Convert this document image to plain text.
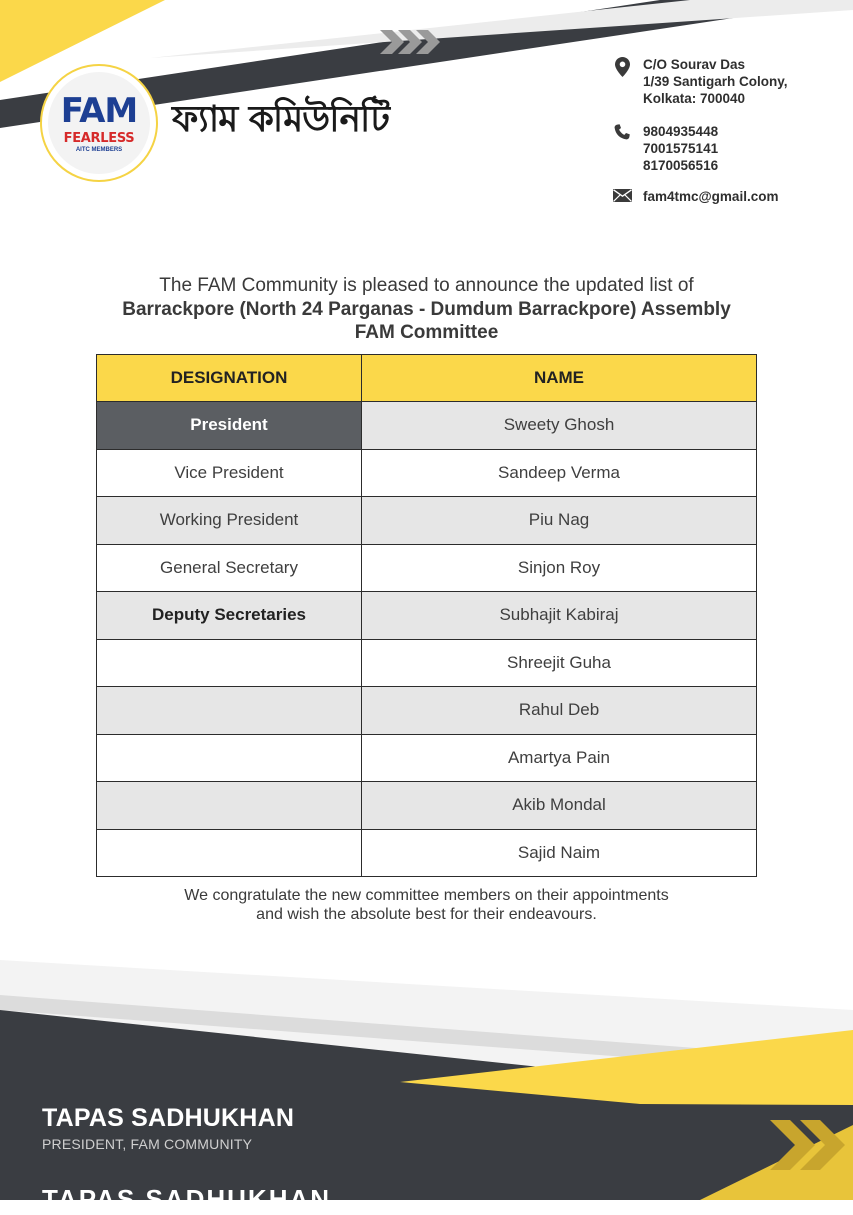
FAM
FEARLESS
AITC MEMBERS
ফ্যাম কমিউনিটি
C/O Sourav Das
1/39 Santigarh Colony,
Kolkata: 700040
9804935448
7001575141
8170056516
fam4tmc@gmail.com
The FAM Community is pleased to announce the updated list of
Barrackpore (North 24 Parganas - Dumdum Barrackpore) Assembly
FAM Committee
DESIGNATION	NAME
President	Sweety Ghosh
Vice President	Sandeep Verma
Working President	Piu Nag
General Secretary	Sinjon Roy
Deputy Secretaries	Subhajit Kabiraj
	Shreejit Guha
	Rahul Deb
	Amartya Pain
	Akib Mondal
	Sajid Naim
We congratulate the new committee members on their appointments
and wish the absolute best for their endeavours.
TAPAS SADHUKHAN
PRESIDENT, FAM COMMUNITY
TAPAS SADHUKHAN
